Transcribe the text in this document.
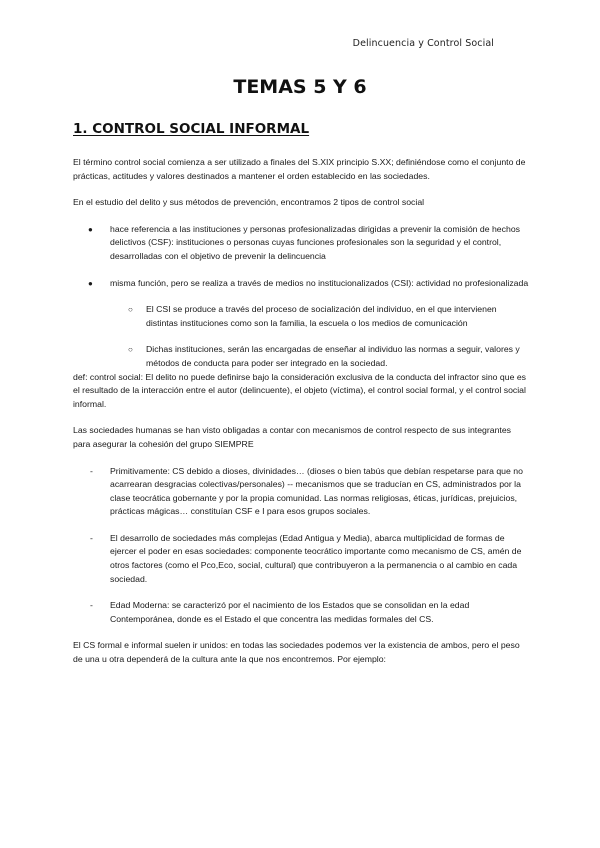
Delincuencia y Control Social
TEMAS 5 Y 6
1. CONTROL SOCIAL INFORMAL

El término control social comienza a ser utilizado a finales del S.XIX principio S.XX; definiéndose como el conjunto de prácticas, actitudes y valores destinados a mantener el orden establecido en las sociedades.

En el estudio del delito y sus métodos de prevención, encontramos 2 tipos de control social

● hace referencia a las instituciones y personas profesionalizadas dirigidas a prevenir la comisión de hechos delictivos (CSF): instituciones o personas cuyas funciones profesionales son la seguridad y el control, desarrolladas con el objetivo de prevenir la delincuencia
● misma función, pero se realiza a través de medios no institucionalizados (CSI): actividad no profesionalizada
○ El CSI se produce a través del proceso de socialización del individuo, en el que intervienen distintas instituciones como son la familia, la escuela o los medios de comunicación
○ Dichas instituciones, serán las encargadas de enseñar al individuo las normas a seguir, valores y métodos de conducta para poder ser integrado en la sociedad.

def: control social: El delito no puede definirse bajo la consideración exclusiva de la conducta del infractor sino que es el resultado de la interacción entre el autor (delincuente), el objeto (víctima), el control social formal, y el control social informal.

Las sociedades humanas se han visto obligadas a contar con mecanismos de control respecto de sus integrantes para asegurar la cohesión del grupo SIEMPRE

- Primitivamente: CS debido a dioses, divinidades… (dioses o bien tabús que debían respetarse para que no acarrearan desgracias colectivas/personales) -- mecanismos que se traducían en CS, administrados por la clase teocrática gobernante y por la propia comunidad. Las normas religiosas, éticas, jurídicas, prejuicios, prácticas mágicas… constituían CSF e I para esos grupos sociales.
- El desarrollo de sociedades más complejas (Edad Antigua y Media), abarca multiplicidad de formas de ejercer el poder en esas sociedades: componente teocrático importante como mecanismo de CS, amén de otros factores (como el Pco,Eco, social, cultural) que contribuyeron a la permanencia o al cambio en cada sociedad.
- Edad Moderna: se caracterizó por el nacimiento de los Estados que se consolidan en la edad Contemporánea, donde es el Estado el que concentra las medidas formales del CS.

El CS formal e informal suelen ir unidos: en todas las sociedades podemos ver la existencia de ambos, pero el peso de una u otra dependerá de la cultura ante la que nos encontremos. Por ejemplo:
